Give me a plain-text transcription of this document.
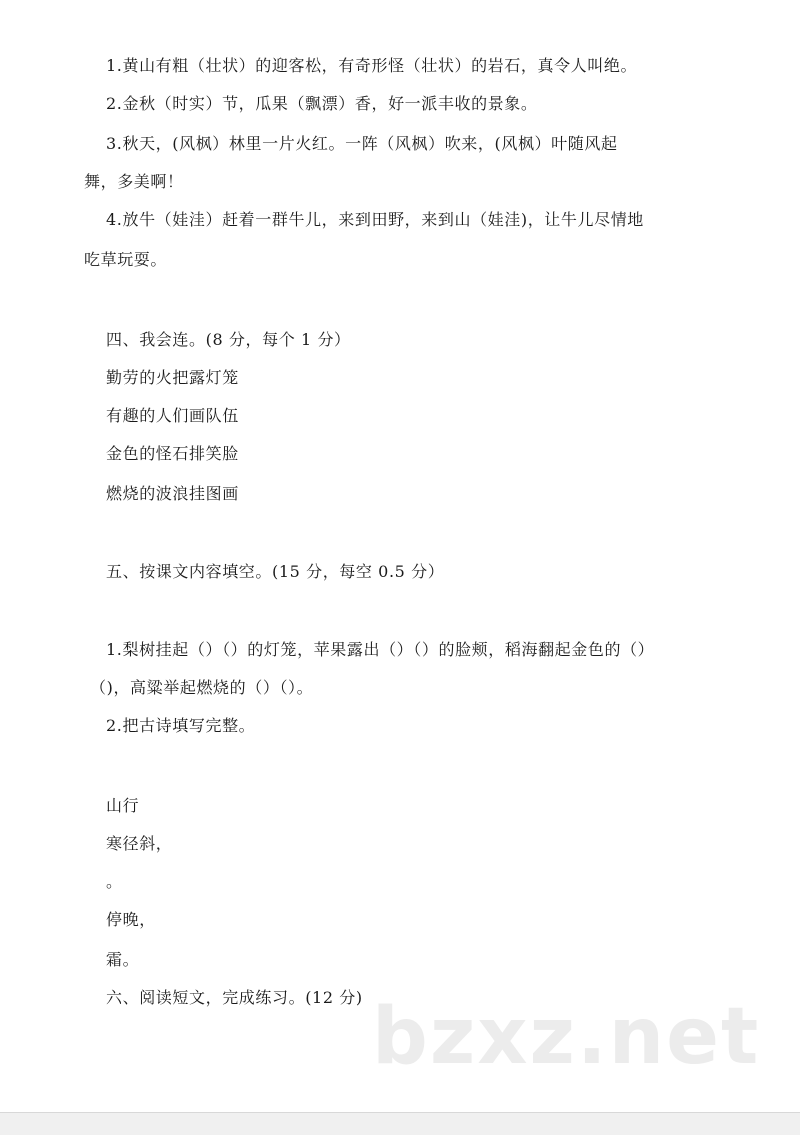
1.黄山有粗（壮状）的迎客松，有奇形怪（壮状）的岩石，真令人叫绝。
2.金秋（时实）节，瓜果（飘漂）香，好一派丰收的景象。
3.秋天，(风枫）林里一片火红。一阵（风枫）吹来，(风枫）叶随风起
舞，多美啊！
4.放牛（娃洼）赶着一群牛儿，来到田野，来到山（娃洼)，让牛儿尽情地
吃草玩耍。
四、我会连。(8 分，每个 1 分）
勤劳的火把露灯笼
有趣的人们画队伍
金色的怪石排笑脸
燃烧的波浪挂图画
五、按课文内容填空。(15 分，每空 0.5 分）
1.梨树挂起（）（）的灯笼，苹果露出（）（）的脸颊，稻海翻起金色的（）
（)，高粱举起燃烧的（）（）。
2.把古诗填写完整。
山行
寒径斜，
。
停晚，
霜。
六、阅读短文，完成练习。(12 分) bzxz.net
